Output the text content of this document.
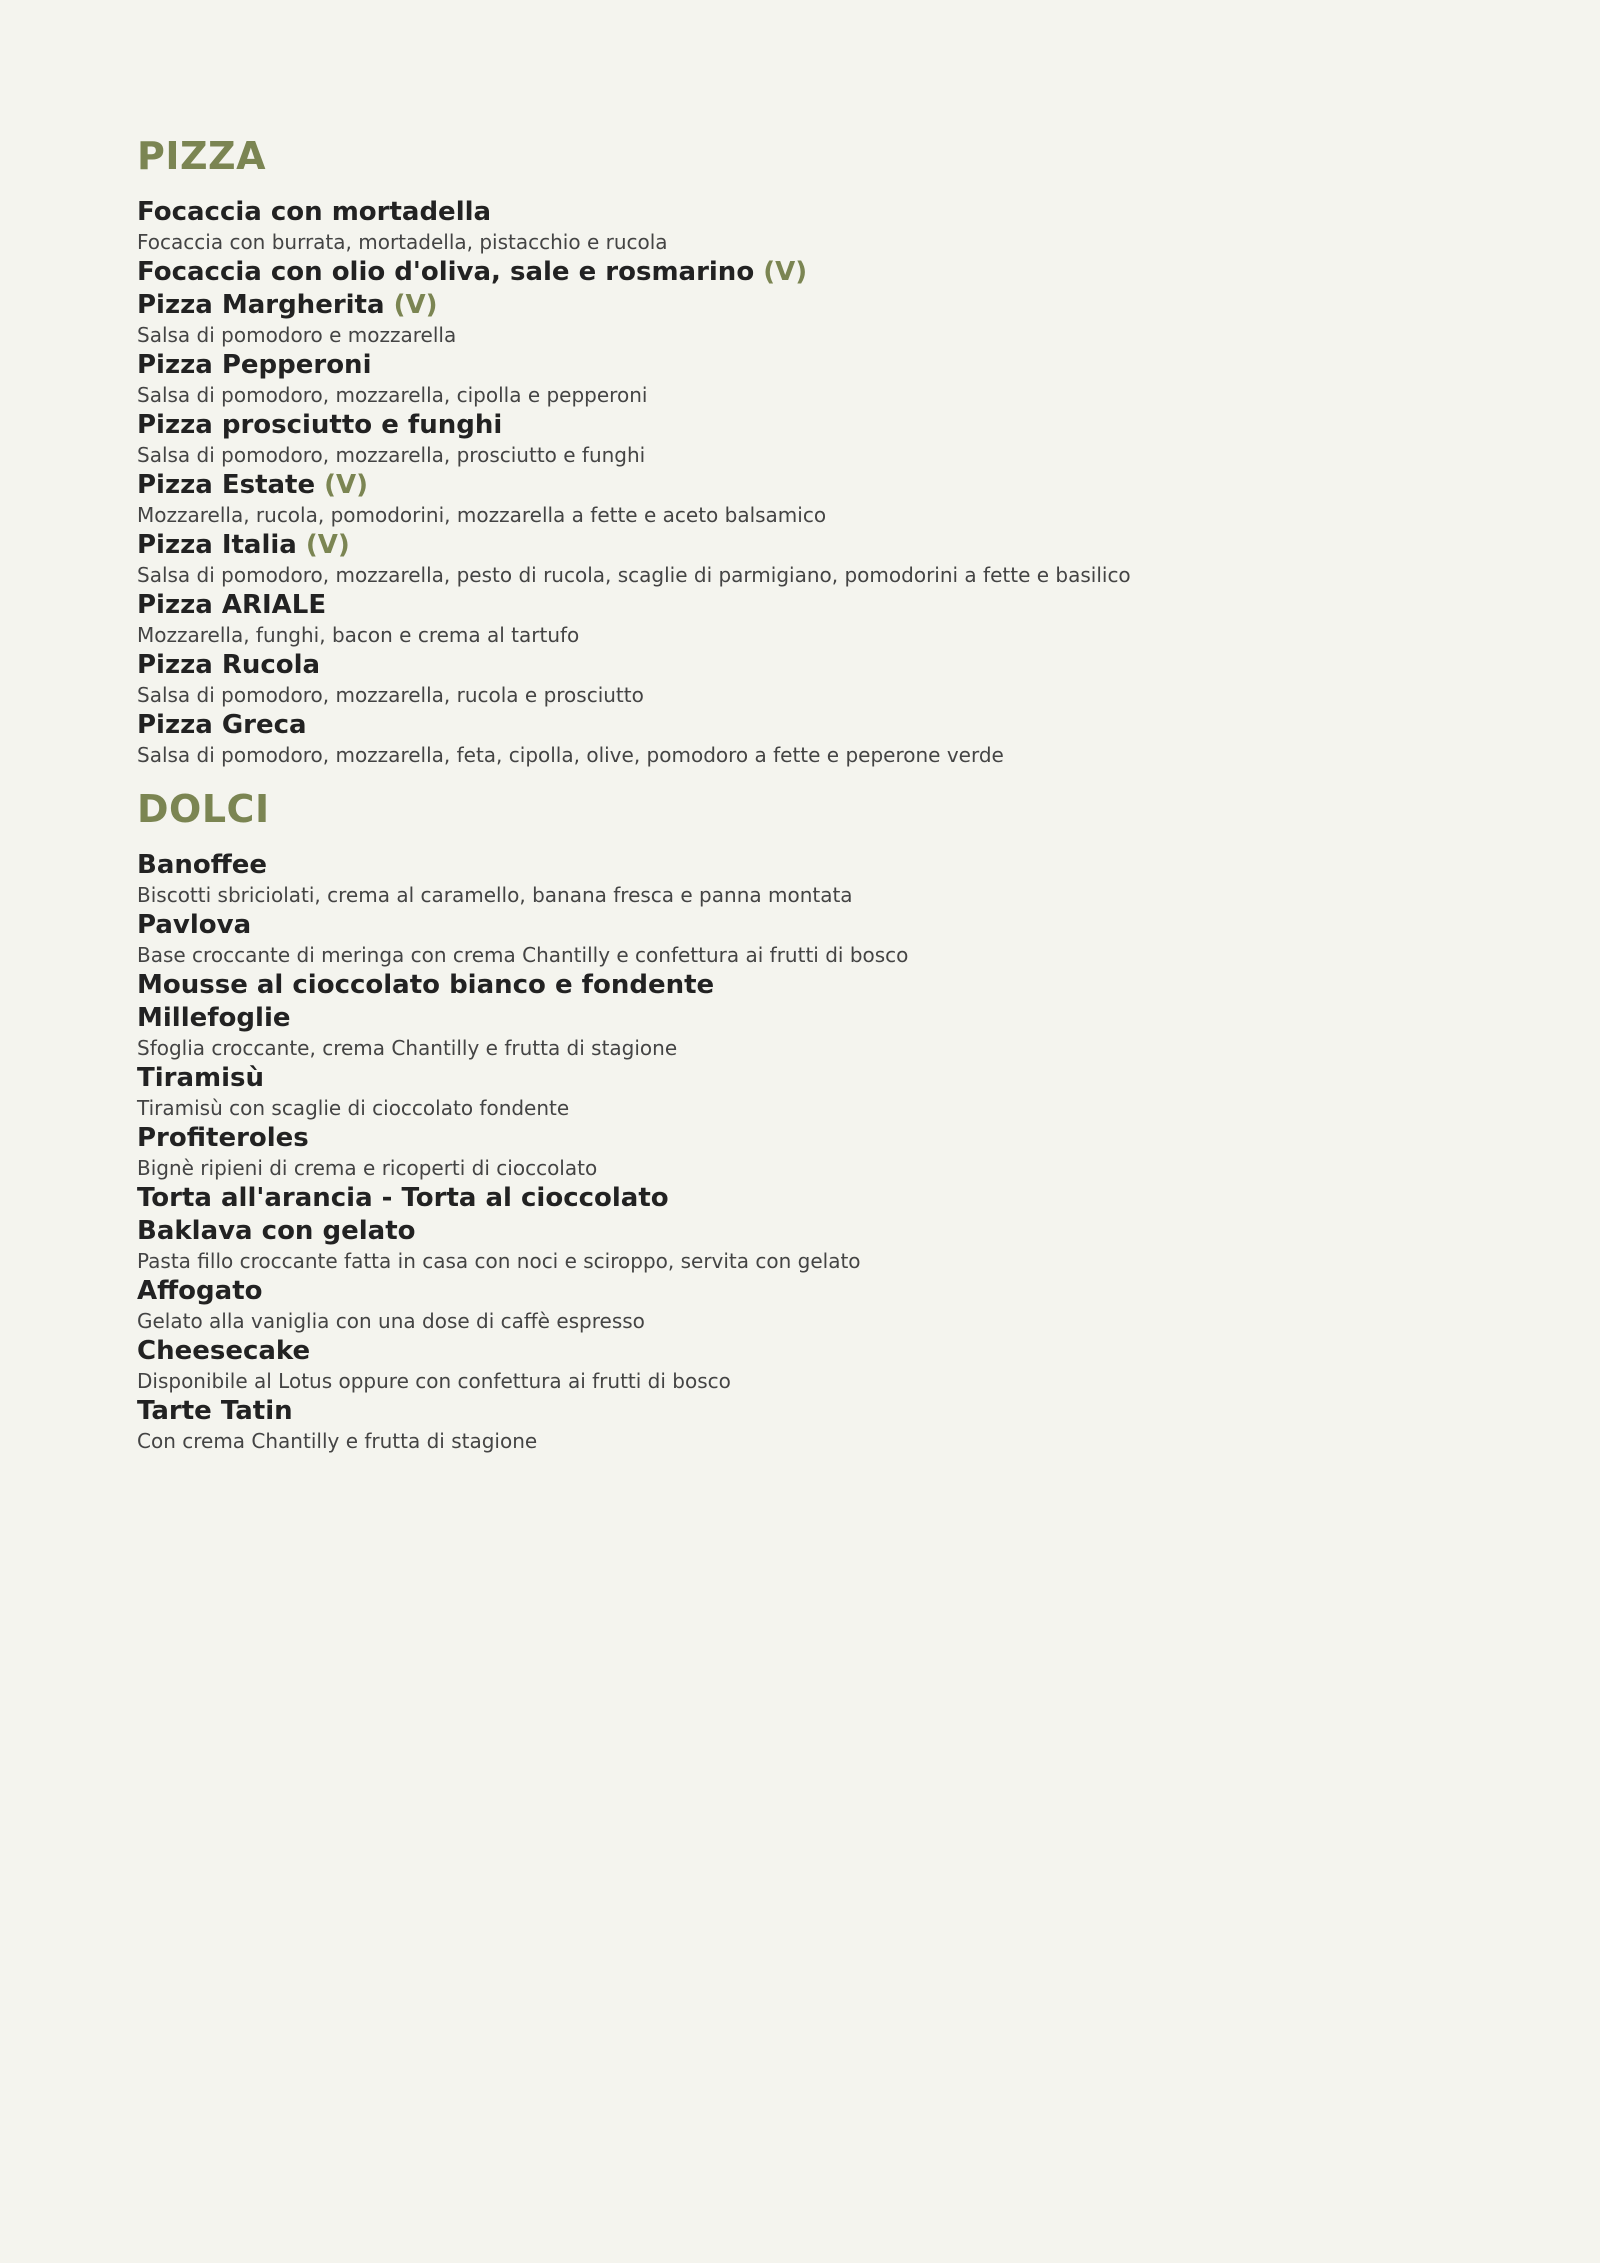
PIZZA
Focaccia con mortadella
Focaccia con burrata, mortadella, pistacchio e rucola
Focaccia con olio d'oliva, sale e rosmarino (V)
Pizza Margherita (V)
Salsa di pomodoro e mozzarella
Pizza Pepperoni
Salsa di pomodoro, mozzarella, cipolla e pepperoni
Pizza prosciutto e funghi
Salsa di pomodoro, mozzarella, prosciutto e funghi
Pizza Estate (V)
Mozzarella, rucola, pomodorini, mozzarella a fette e aceto balsamico
Pizza Italia (V)
Salsa di pomodoro, mozzarella, pesto di rucola, scaglie di parmigiano, pomodorini a fette e basilico
Pizza ARIALE
Mozzarella, funghi, bacon e crema al tartufo
Pizza Rucola
Salsa di pomodoro, mozzarella, rucola e prosciutto
Pizza Greca
Salsa di pomodoro, mozzarella, feta, cipolla, olive, pomodoro a fette e peperone verde
DOLCI
Banoffee
Biscotti sbriciolati, crema al caramello, banana fresca e panna montata
Pavlova
Base croccante di meringa con crema Chantilly e confettura ai frutti di bosco
Mousse al cioccolato bianco e fondente
Millefoglie
Sfoglia croccante, crema Chantilly e frutta di stagione
Tiramisù
Tiramisù con scaglie di cioccolato fondente
Profiteroles
Bignè ripieni di crema e ricoperti di cioccolato
Torta all'arancia - Torta al cioccolato
Baklava con gelato
Pasta fillo croccante fatta in casa con noci e sciroppo, servita con gelato
Affogato
Gelato alla vaniglia con una dose di caffè espresso
Cheesecake
Disponibile al Lotus oppure con confettura ai frutti di bosco
Tarte Tatin
Con crema Chantilly e frutta di stagione
